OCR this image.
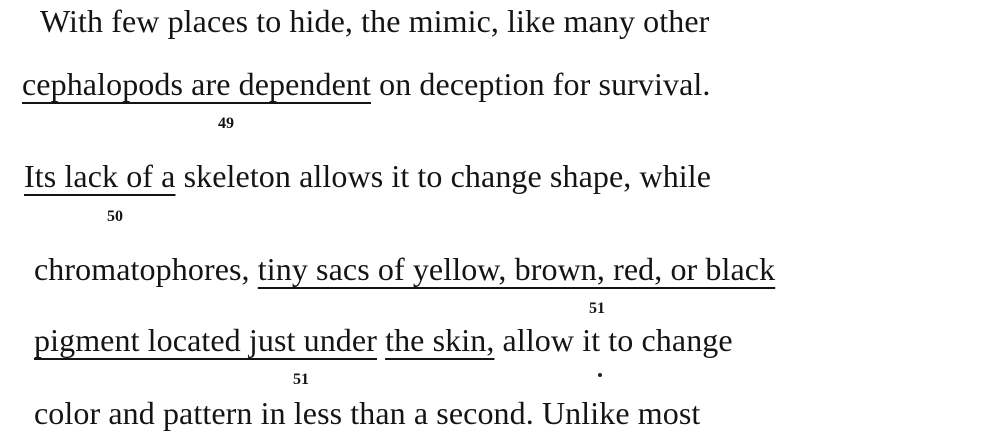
With few places to hide, the mimic, like many other
cephalopods are dependent on deception for survival.
49
Its lack of a skeleton allows it to change shape, while
50
chromatophores, tiny sacs of yellow, brown, red, or black
51
pigment located just under the skin, allow it to change
51
color and pattern in less than a second. Unlike most
